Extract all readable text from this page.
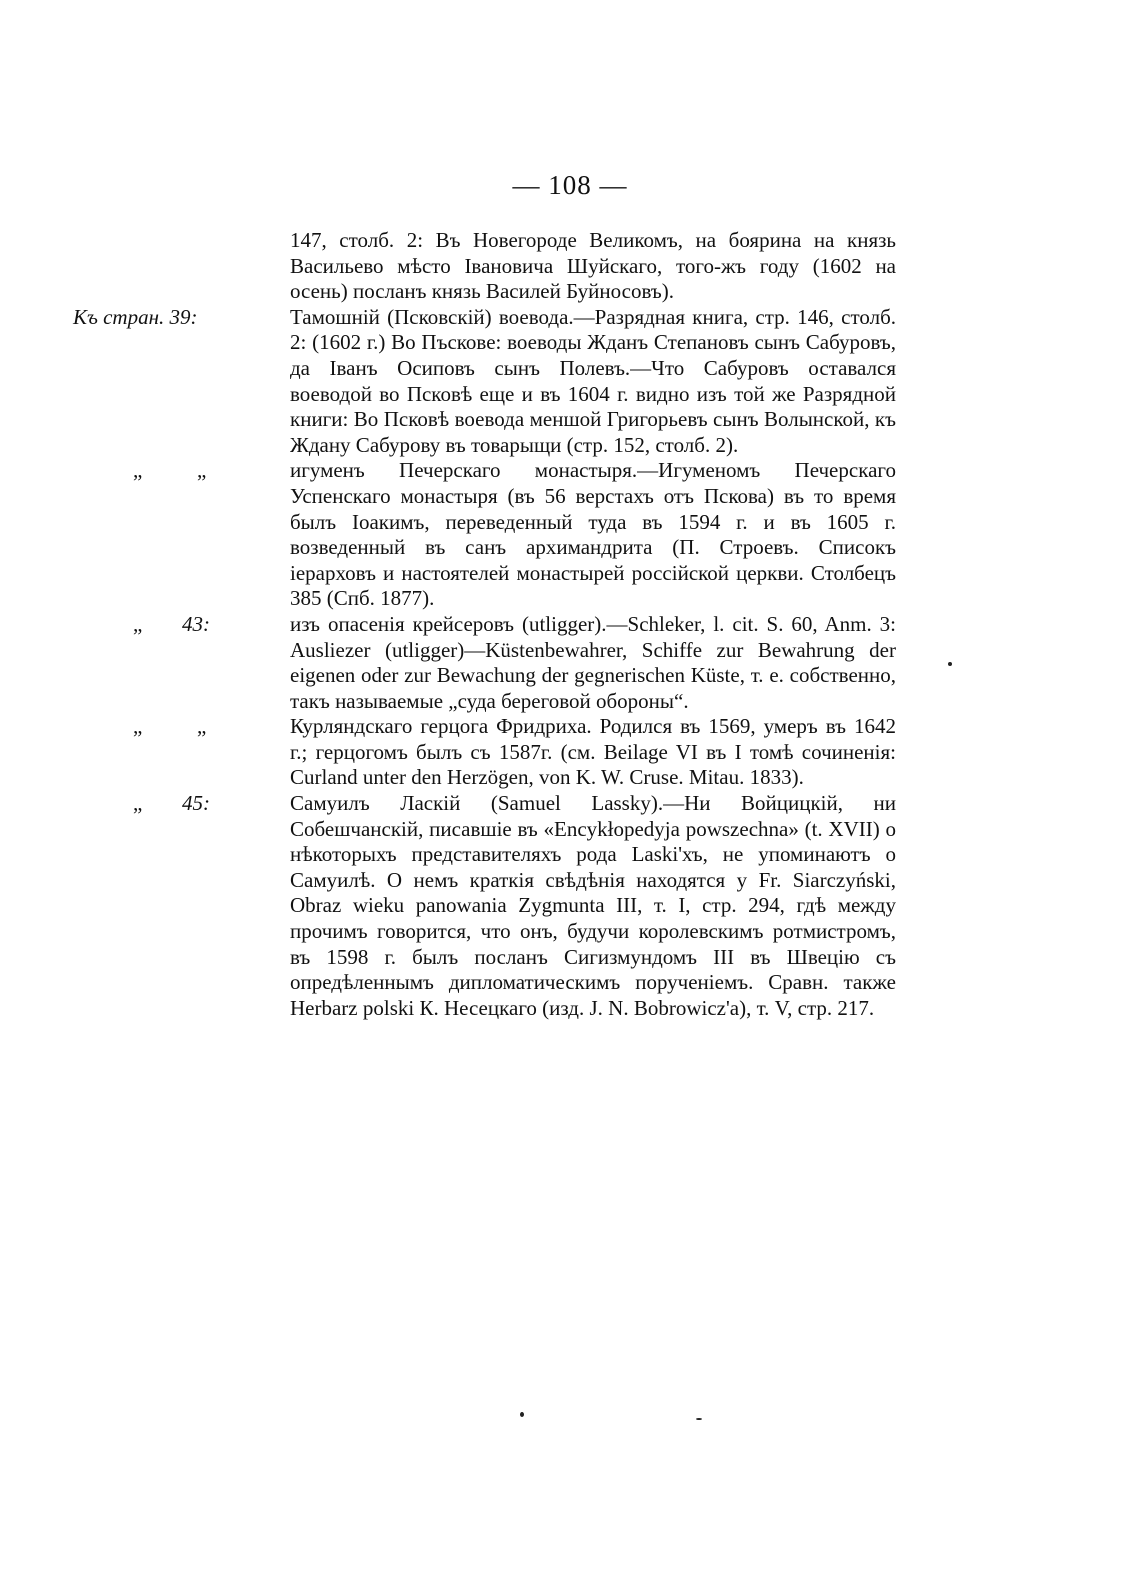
— 108 —

147, столб. 2: Въ Новегороде Великомъ, на боярина на князь Васильево мѣсто Івановича Шуйскаго, того-жъ году (1602 на осень) посланъ князь Василей Буйносовъ).

Къ стран. 39:	Тамошній (Псковскій) воевода.—Разрядная книга, стр. 146, столб. 2: (1602 г.) Во Пъскове: воеводы Жданъ Степановъ сынъ Сабуровъ, да Іванъ Осиповъ сынъ Полевъ.—Что Сабуровъ оставался воеводой во Псковѣ еще и въ 1604 г. видно изъ той же Разрядной книги: Во Псковѣ воевода меншой Григорьевъ сынъ Волынской, къ Ждану Сабурову въ товарыщи (стр. 152, столб. 2).

„	„	игуменъ Печерскаго монастыря.—Игуменомъ Печерскаго Успенскаго монастыря (въ 56 верстахъ отъ Пскова) въ то время былъ Іоакимъ, переведенный туда въ 1594 г. и въ 1605 г. возведенный въ санъ архимандрита (П. Строевъ. Списокъ іерарховъ и настоятелей монастырей россійской церкви. Столбецъ 385 (Спб. 1877).

„ 43:	изъ опасенія крейсеровъ (utligger).—Schleker, l. cit. S. 60, Anm. 3: Ausliezer (utligger)—Küstenbewahrer, Schiffe zur Bewahrung der eigenen oder zur Bewachung der gegnerischen Küste, т. е. собственно, такъ называемые „суда береговой обороны“.

„	„	Курляндскаго герцога Фридриха. Родился въ 1569, умеръ въ 1642 г.; герцогомъ былъ съ 1587г. (см. Beilage VI въ I томѣ сочиненія: Curland unter den Herzögen, von K. W. Cruse. Mitau. 1833).

„ 45:	Самуилъ Ласкій (Samuel Lassky).—Ни Войцицкій, ни Собешчанскій, писавшіе въ «Encykłopedyja powszechna» (t. XVII) о нѣкоторыхъ представителяхъ рода Laski'хъ, не упоминаютъ о Самуилѣ. О немъ краткія свѣдѣнія находятся у Fr. Siarczyński, Obraz wieku panowania Zygmunta III, т. I, стр. 294, гдѣ между прочимъ говорится, что онъ, будучи королевскимъ ротмистромъ, въ 1598 г. былъ посланъ Сигизмундомъ III въ Швецію съ опредѣленнымъ дипломатическимъ порученіемъ. Сравн. также Herbarz polski К. Несецкаго (изд. J. N. Bobrowicz'a), т. V, стр. 217.
